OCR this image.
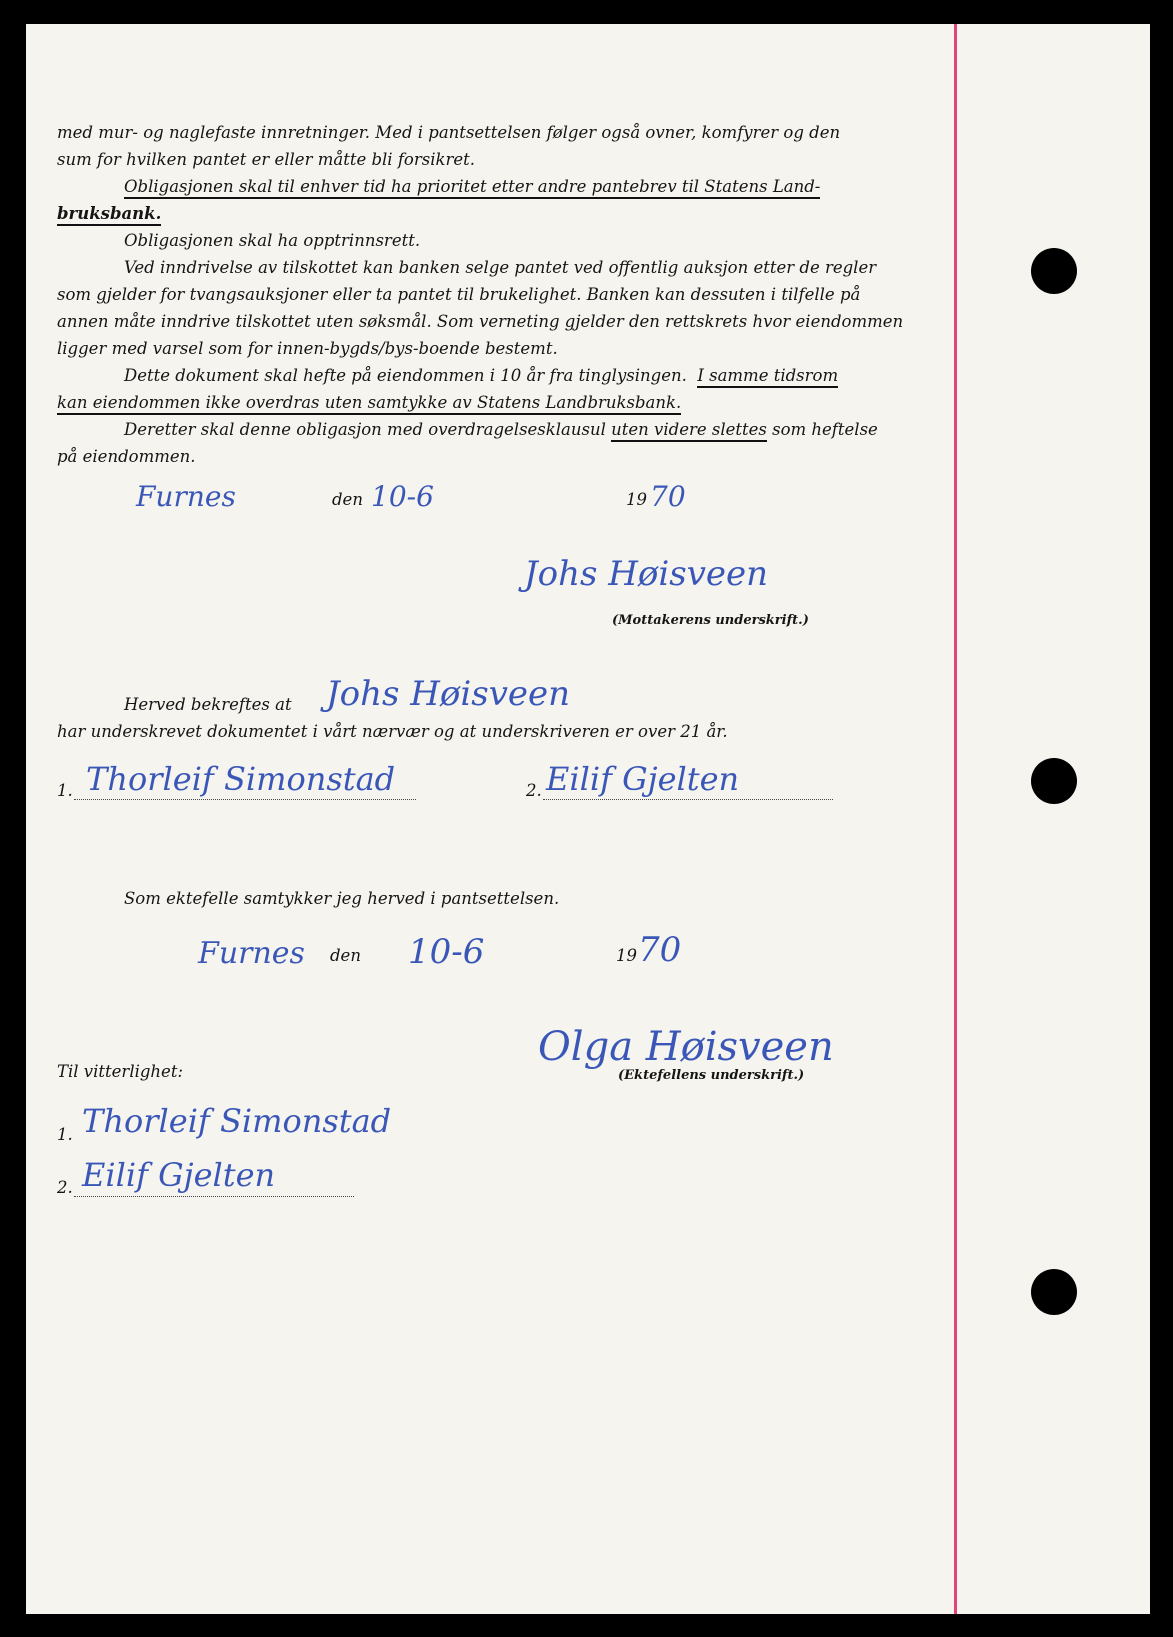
med mur- og naglefaste innretninger. Med i pantsettelsen følger også ovner, komfyrer og den
sum for hvilken pantet er eller måtte bli forsikret.
Obligasjonen skal til enhver tid ha prioritet etter andre pantebrev til Statens Land-
bruksbank.
Obligasjonen skal ha opptrinnsrett.
Ved inndrivelse av tilskottet kan banken selge pantet ved offentlig auksjon etter de regler
som gjelder for tvangsauksjoner eller ta pantet til brukelighet. Banken kan dessuten i tilfelle på
annen måte inndrive tilskottet uten søksmål. Som verneting gjelder den rettskrets hvor eiendommen
ligger med varsel som for innen-bygds/bys-boende bestemt.
Dette dokument skal hefte på eiendommen i 10 år fra tinglysingen. I samme tidsrom
kan eiendommen ikke overdras uten samtykke av Statens Landbruksbank.
Deretter skal denne obligasjon med overdragelsesklausul uten videre slettes som heftelse
på eiendommen.
Furnes	den 10-6	19 70
Johs Høisveen
(Mottakerens underskrift.)
Herved bekreftes at Johs Høisveen
har underskrevet dokumentet i vårt nærvær og at underskriveren er over 21 år.
1. Thorleif Simonstad	2. Eilif Gjelten
Som ektefelle samtykker jeg herved i pantsettelsen.
Furnes den 10-6	19 70
Olga Høisveen
(Ektefellens underskrift.)
Til vitterlighet:
1. Thorleif Simonstad
2. Eilif Gjelten
